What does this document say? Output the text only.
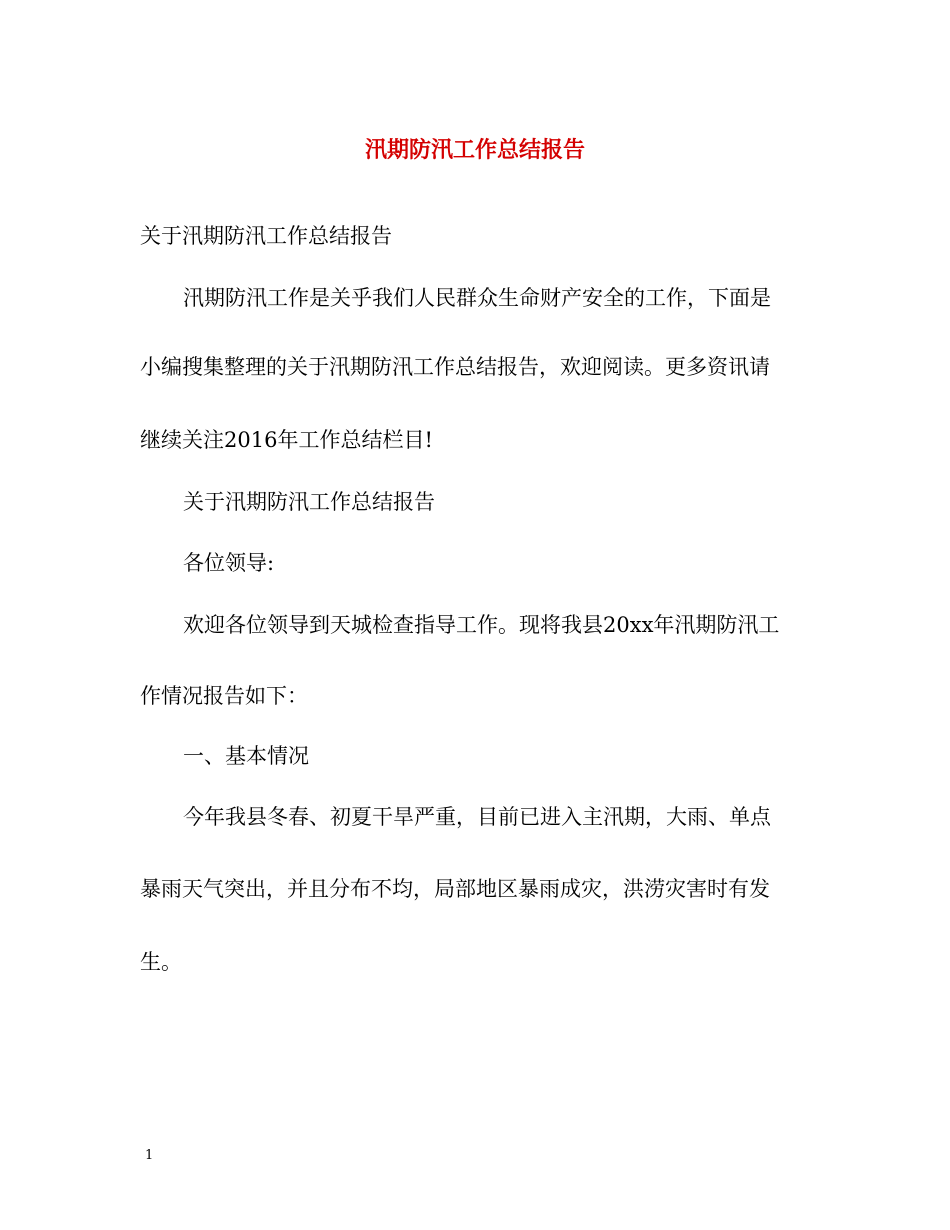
汛期防汛工作总结报告

关于汛期防汛工作总结报告

汛期防汛工作是关乎我们人民群众生命财产安全的工作，下面是

小编搜集整理的关于汛期防汛工作总结报告，欢迎阅读。更多资讯请

继续关注2016年工作总结栏目!

关于汛期防汛工作总结报告

各位领导:

欢迎各位领导到天城检查指导工作。现将我县20xx年汛期防汛工

作情况报告如下：

一、基本情况

今年我县冬春、初夏干旱严重，目前已进入主汛期，大雨、单点

暴雨天气突出，并且分布不均，局部地区暴雨成灾，洪涝灾害时有发

生。

1
